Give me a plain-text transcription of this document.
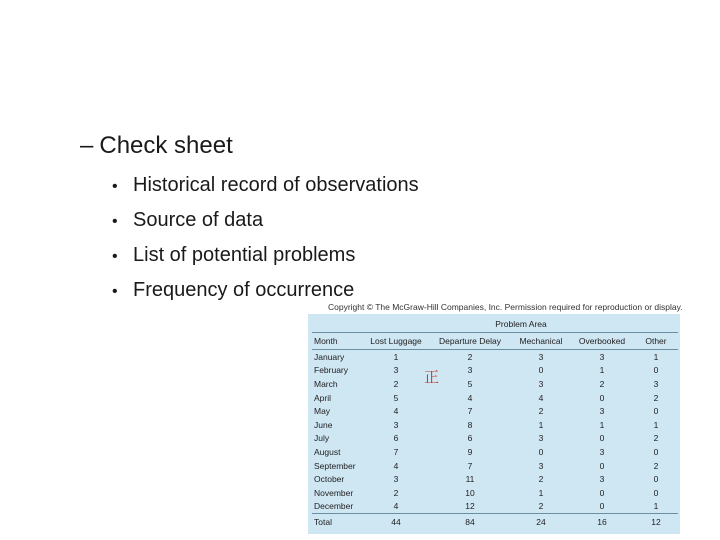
– Check sheet
• Historical record of observations
• Source of data
• List of potential problems
• Frequency of occurrence
Copyright © The McGraw-Hill Companies, Inc. Permission required for reproduction or display.
	Problem Area				
Month	Lost Luggage	Departure Delay	Mechanical	Overbooked	Other
January	1	2	3	3	1
February	3	3	0	1	0
March	2	5	3	2	3
April	5	4	4	0	2
May	4	7	2	3	0
June	3	8	1	1	1
July	6	6	3	0	2
August	7	9	0	3	0
September	4	7	3	0	2
October	3	11	2	3	0
November	2	10	1	0	0
December	4	12	2	0	1
Total	44	84	24	16	12
正
